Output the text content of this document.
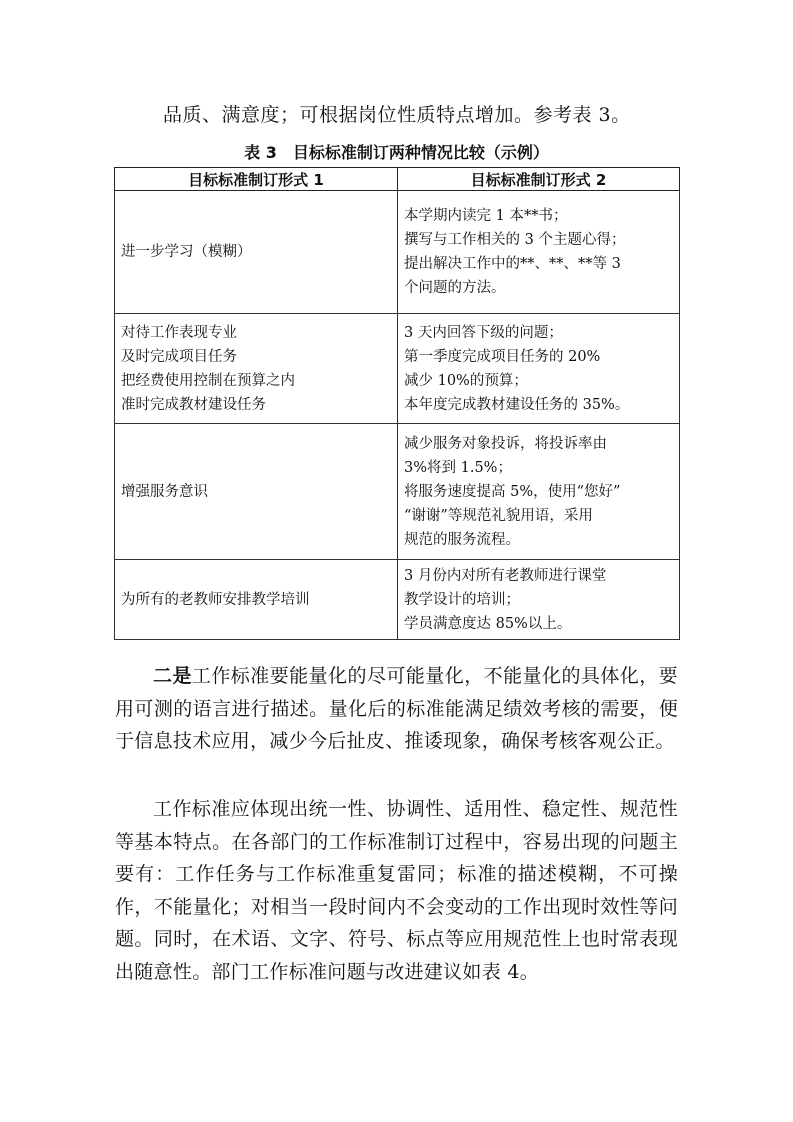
品质、满意度；可根据岗位性质特点增加。参考表 3。
表 3　目标标准制订两种情况比较（示例）
目标标准制订形式 1	目标标准制订形式 2

进一步学习（模糊）	本学期内读完 1 本**书；
撰写与工作相关的 3 个主题心得；
提出解决工作中的**、**、**等 3
个问题的方法。

对待工作表现专业
及时完成项目任务
把经费使用控制在预算之内
准时完成教材建设任务	3 天内回答下级的问题；
第一季度完成项目任务的 20%
减少 10%的预算；
本年度完成教材建设任务的 35%。

增强服务意识	减少服务对象投诉，将投诉率由
3%将到 1.5%；
将服务速度提高 5%，使用“您好”
“谢谢”等规范礼貌用语，采用
规范的服务流程。

为所有的老教师安排教学培训	3 月份内对所有老教师进行课堂
教学设计的培训；
学员满意度达 85%以上。

二是工作标准要能量化的尽可能量化，不能量化的具体化，要用可测的语言进行描述。量化后的标准能满足绩效考核的需要，便于信息技术应用，减少今后扯皮、推诿现象，确保考核客观公正。

工作标准应体现出统一性、协调性、适用性、稳定性、规范性等基本特点。在各部门的工作标准制订过程中，容易出现的问题主要有：工作任务与工作标准重复雷同；标准的描述模糊，不可操作，不能量化；对相当一段时间内不会变动的工作出现时效性等问题。同时，在术语、文字、符号、标点等应用规范性上也时常表现出随意性。部门工作标准问题与改进建议如表 4。
